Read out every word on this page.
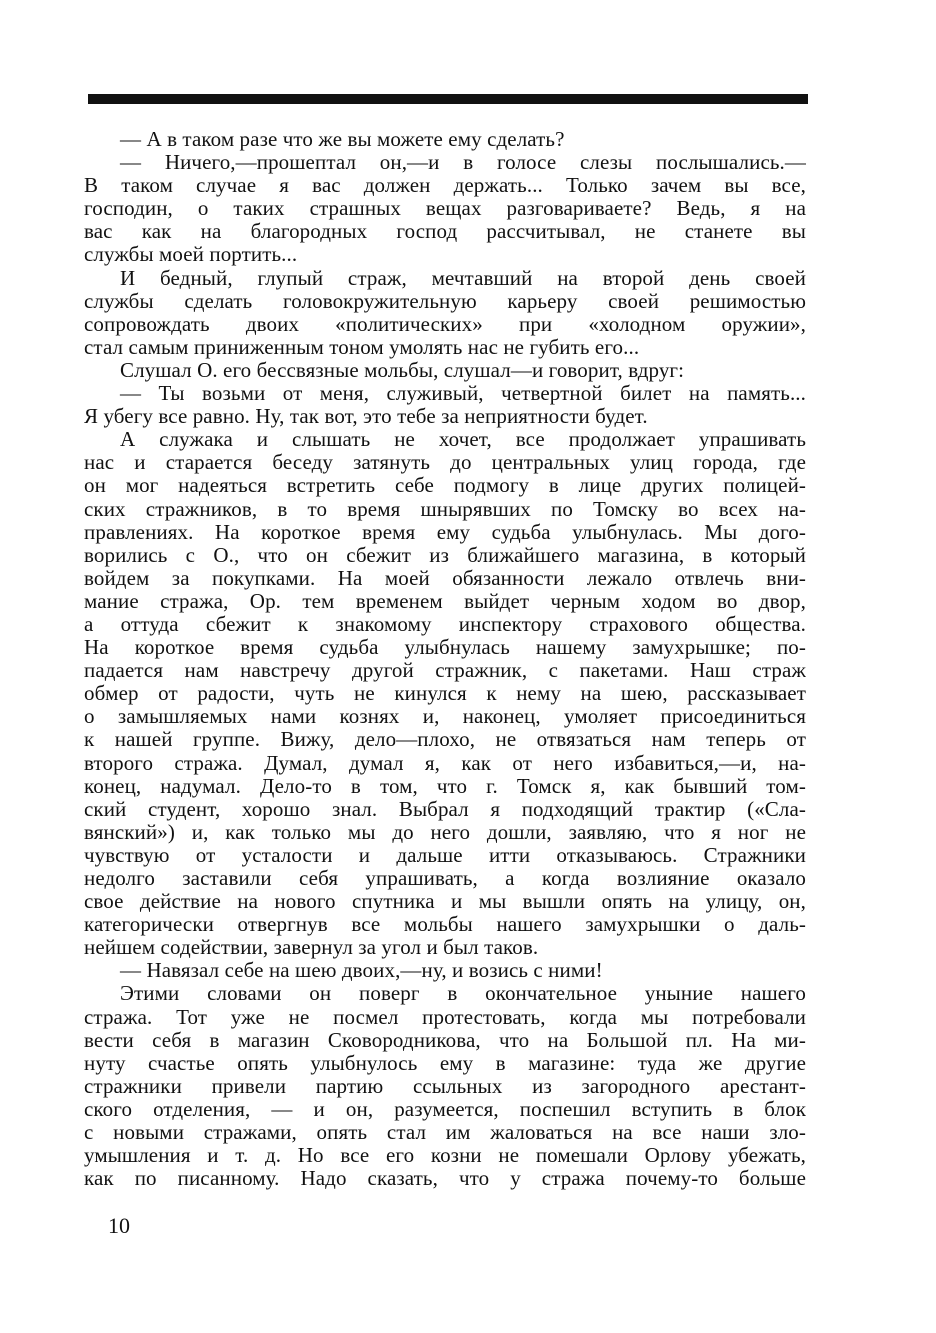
— А в таком разе что же вы можете ему сделать?
— Ничего,—прошептал он,—и в голосе слезы послышались.—
В таком случае я вас должен держать... Только зачем вы все,
господин, о таких страшных вещах разговариваете? Ведь, я на
вас как на благородных господ рассчитывал, не станете вы
службы моей портить...
И бедный, глупый страж, мечтавший на второй день своей
службы сделать головокружительную карьеру своей решимостью
сопровождать двоих «политических» при «холодном оружии»,
стал самым приниженным тоном умолять нас не губить его...
Слушал О. его бессвязные мольбы, слушал—и говорит, вдруг:
— Ты возьми от меня, служивый, четвертной билет на память...
Я убегу все равно. Ну, так вот, это тебе за неприятности будет.
А служака и слышать не хочет, все продолжает упрашивать
нас и старается беседу затянуть до центральных улиц города, где
он мог надеяться встретить себе подмогу в лице других полицей-
ских стражников, в то время шнырявших по Томску во всех на-
правлениях. На короткое время ему судьба улыбнулась. Мы дого-
ворились с О., что он сбежит из ближайшего магазина, в который
войдем за покупками. На моей обязанности лежало отвлечь вни-
мание стража, Ор. тем временем выйдет черным ходом во двор,
а оттуда сбежит к знакомому инспектору страхового общества.
На короткое время судьба улыбнулась нашему замухрышке; по-
падается нам навстречу другой стражник, с пакетами. Наш страж
обмер от радости, чуть не кинулся к нему на шею, рассказывает
о замышляемых нами кознях и, наконец, умоляет присоединиться
к нашей группе. Вижу, дело—плохо, не отвязаться нам теперь от
второго стража. Думал, думал я, как от него избавиться,—и, на-
конец, надумал. Дело-то в том, что г. Томск я, как бывший том-
ский студент, хорошо знал. Выбрал я подходящий трактир («Сла-
вянский») и, как только мы до него дошли, заявляю, что я ног не
чувствую от усталости и дальше итти отказываюсь. Стражники
недолго заставили себя упрашивать, а когда возлияние оказало
свое действие на нового спутника и мы вышли опять на улицу, он,
категорически отвергнув все мольбы нашего замухрышки о даль-
нейшем содействии, завернул за угол и был таков.
— Навязал себе на шею двоих,—ну, и возись с ними!
Этими словами он поверг в окончательное уныние нашего
стража. Тот уже не посмел протестовать, когда мы потребовали
вести себя в магазин Сковородникова, что на Большой пл. На ми-
нуту счастье опять улыбнулось ему в магазине: туда же другие
стражники привели партию ссыльных из загородного арестант-
ского отделения, — и он, разумеется, поспешил вступить в блок
с новыми стражами, опять стал им жаловаться на все наши зло-
умышления и т. д. Но все его козни не помешали Орлову убежать,
как по писанному. Надо сказать, что у стража почему-то больше
10
